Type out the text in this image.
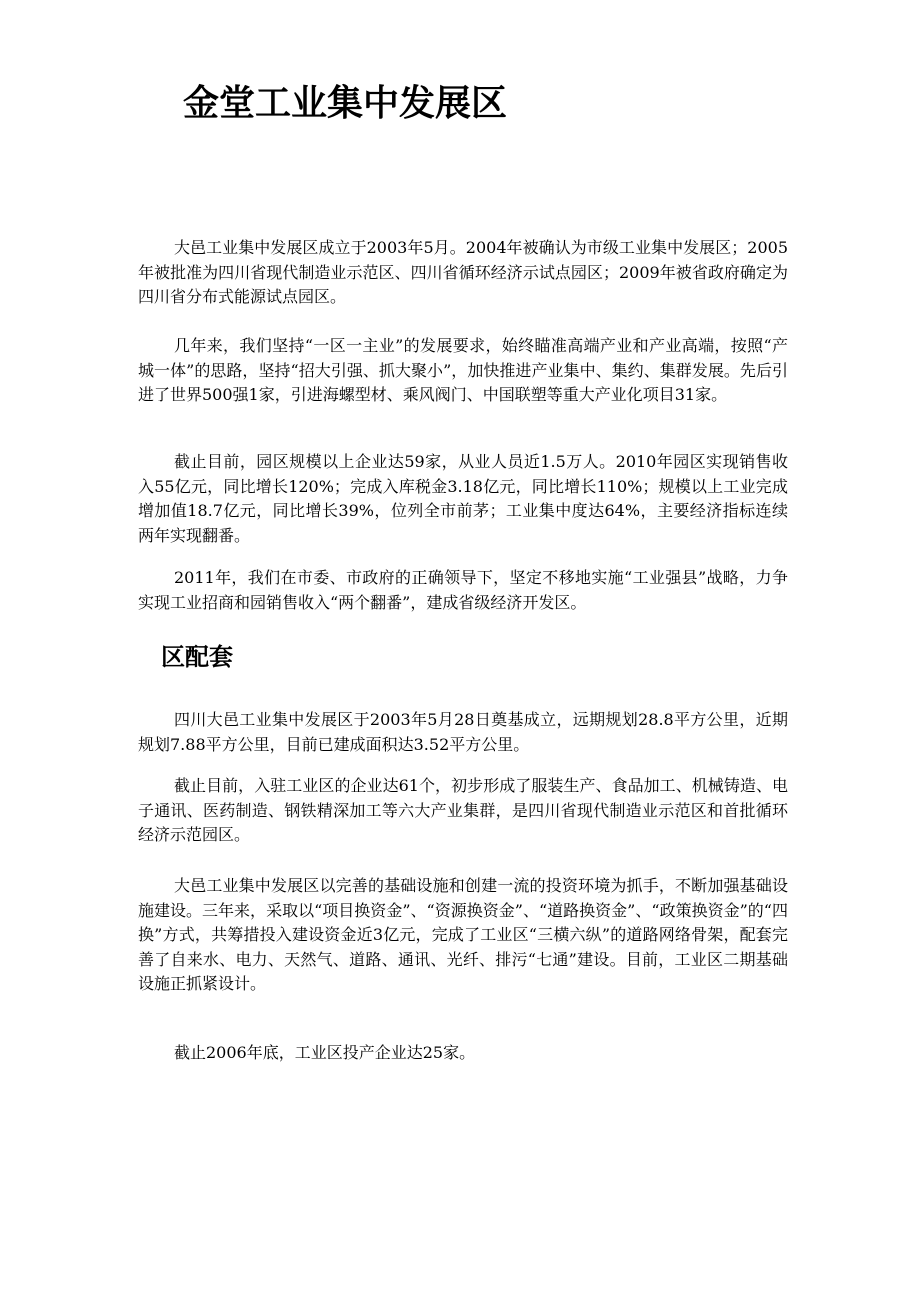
金堂工业集中发展区

大邑工业集中发展区成立于2003年5月。2004年被确认为市级工业集中发展区；2005年被批准为四川省现代制造业示范区、四川省循环经济示试点园区；2009年被省政府确定为四川省分布式能源试点园区。

几年来，我们坚持“一区一主业”的发展要求，始终瞄准高端产业和产业高端，按照“产城一体”的思路，坚持“招大引强、抓大聚小”，加快推进产业集中、集约、集群发展。先后引进了世界500强1家，引进海螺型材、乘风阀门、中国联塑等重大产业化项目31家。

截止目前，园区规模以上企业达59家，从业人员近1.5万人。2010年园区实现销售收入55亿元，同比增长120%；完成入库税金3.18亿元，同比增长110%；规模以上工业完成增加值18.7亿元，同比增长39%，位列全市前茅；工业集中度达64%，主要经济指标连续两年实现翻番。

2011年，我们在市委、市政府的正确领导下，坚定不移地实施“工业强县”战略，力争实现工业招商和园销售收入“两个翻番”，建成省级经济开发区。

区配套

四川大邑工业集中发展区于2003年5月28日奠基成立，远期规划28.8平方公里，近期规划7.88平方公里，目前已建成面积达3.52平方公里。

截止目前，入驻工业区的企业达61个，初步形成了服装生产、食品加工、机械铸造、电子通讯、医药制造、钢铁精深加工等六大产业集群，是四川省现代制造业示范区和首批循环经济示范园区。

大邑工业集中发展区以完善的基础设施和创建一流的投资环境为抓手，不断加强基础设施建设。三年来，采取以“项目换资金”、“资源换资金”、“道路换资金”、“政策换资金”的“四换”方式，共筹措投入建设资金近3亿元，完成了工业区“三横六纵”的道路网络骨架，配套完善了自来水、电力、天然气、道路、通讯、光纤、排污“七通”建设。目前，工业区二期基础设施正抓紧设计。

截止2006年底，工业区投产企业达25家。
